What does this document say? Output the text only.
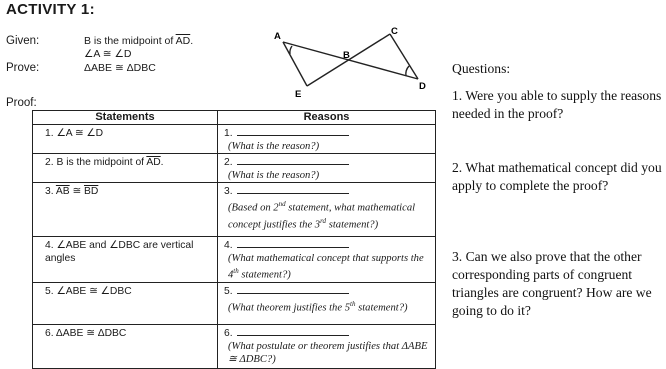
ACTIVITY 1:
Given:	B is the midpoint of $\overline{AD}$.
∠A ≅ ∠D
Prove:	ΔABE ≅ ΔDBC
Proof:
A
B
C
D
E
Statements	Reasons

1. ∠A ≅ ∠D	1.
(What is the reason?)

2. B is the midpoint of $\overline{AD}$.	2.
(What is the reason?)

3. $\overline{AB}$ ≅ $\overline{BD}$	3.
(Based on 2nd statement, what mathematical concept justifies the 3rd statement?)

4. ∠ABE and ∠DBC are vertical angles	4.
(What mathematical concept that supports the 4th statement?)

5. ∠ABE ≅ ∠DBC	5.
(What theorem justifies the 5th statement?)

6. ΔABE ≅ ΔDBC	6.
(What postulate or theorem justifies that ΔABE ≅ ΔDBC?)
Questions:
1. Were you able to supply the reasons needed in the proof?
2. What mathematical concept did you apply to complete the proof?
3. Can we also prove that the other corresponding parts of congruent triangles are congruent? How are we going to do it?
